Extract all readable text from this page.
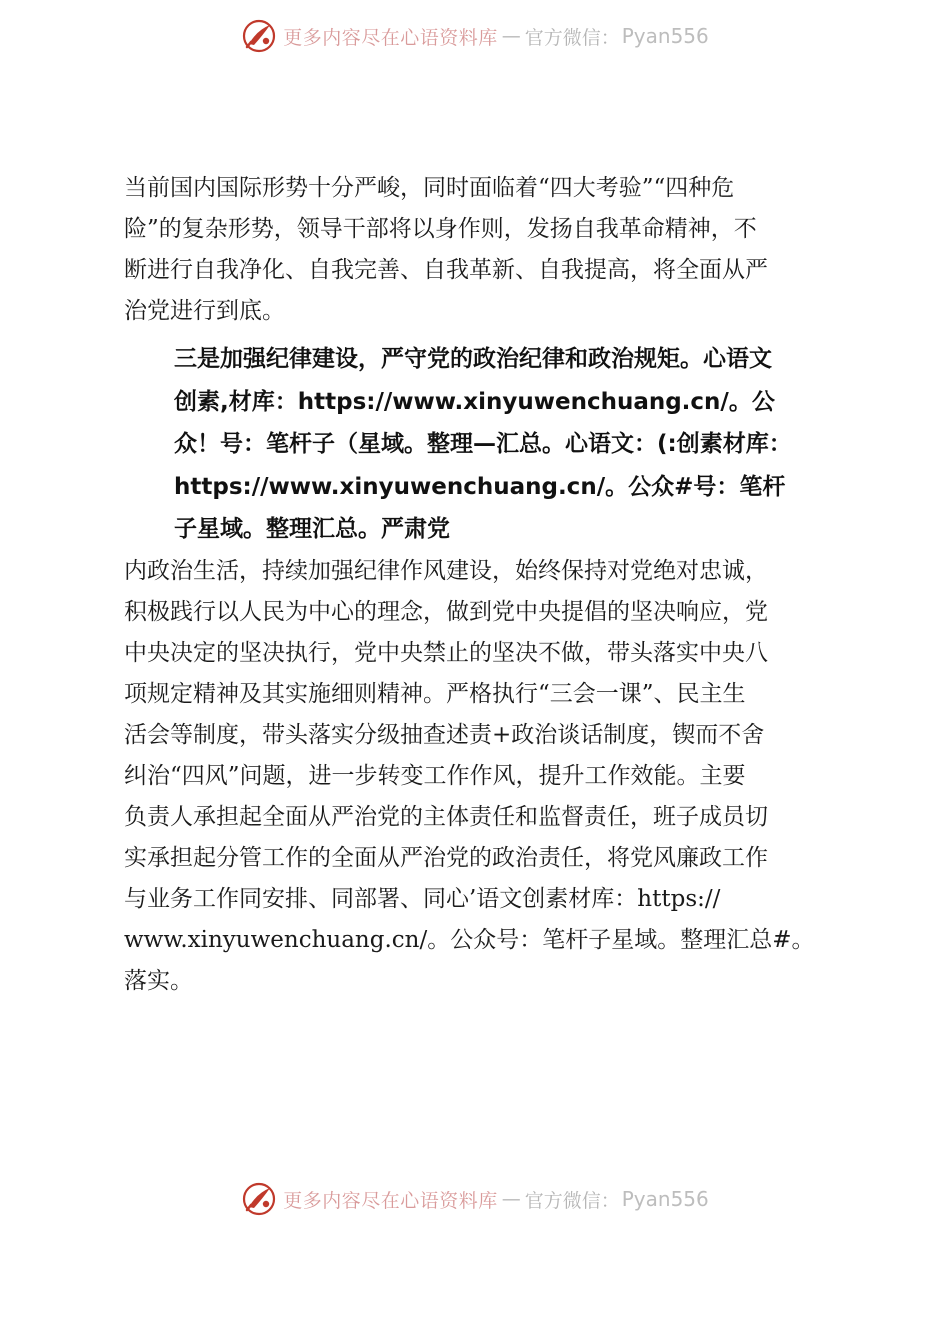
更多内容尽在心语资料库 — 官方微信： Pyan556

当前国内国际形势十分严峻，同时面临着“四大考验”“四种危
险”的复杂形势，领导干部将以身作则，发扬自我革命精神，不
断进行自我净化、自我完善、自我革新、自我提高，将全面从严
治党进行到底。

三是加强纪律建设，严守党的政治纪律和政治规矩。心语文
创素,材库：https://www.xinyuwenchuang.cn/。公
众！号：笔杆子（星域。整理—汇总。心语文：(:创素材库：
https://www.xinyuwenchuang.cn/。公众#号：笔杆
子星域。整理汇总。严肃党

内政治生活，持续加强纪律作风建设，始终保持对党绝对忠诚，
积极践行以人民为中心的理念，做到党中央提倡的坚决响应，党
中央决定的坚决执行，党中央禁止的坚决不做，带头落实中央八
项规定精神及其实施细则精神。严格执行“三会一课”、民主生
活会等制度，带头落实分级抽查述责+政治谈话制度，锲而不舍
纠治“四风”问题，进一步转变工作作风，提升工作效能。主要
负责人承担起全面从严治党的主体责任和监督责任，班子成员切
实承担起分管工作的全面从严治党的政治责任，将党风廉政工作
与业务工作同安排、同部署、同心’语文创素材库：https://
www.xinyuwenchuang.cn/。公众号：笔杆子星域。整理汇总#。
落实。

更多内容尽在心语资料库 — 官方微信： Pyan556
